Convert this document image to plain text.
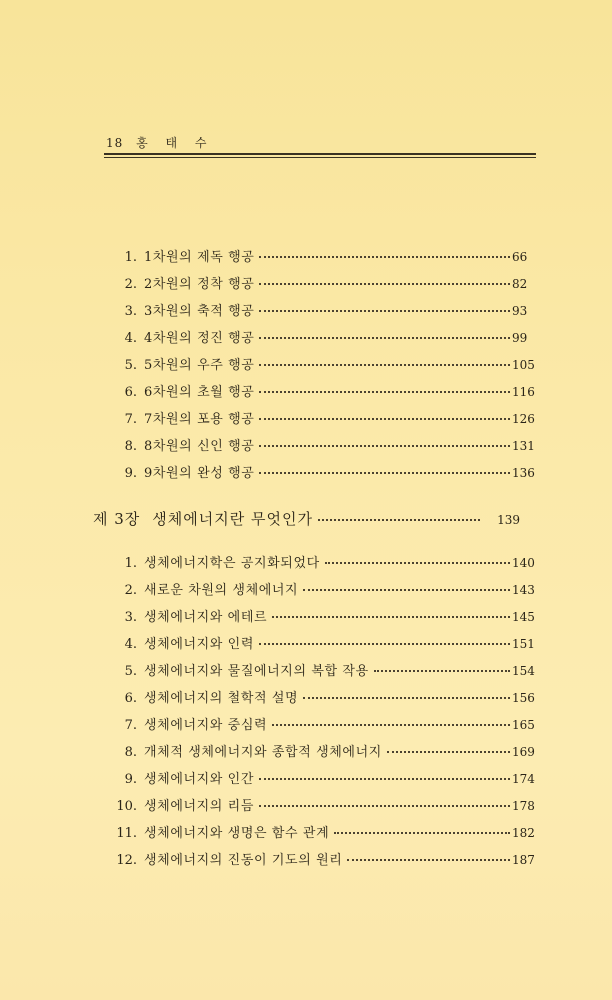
18 홍 태 수
1. 1차원의 제독 행공	66
2. 2차원의 정착 행공	82
3. 3차원의 축적 행공	93
4. 4차원의 정진 행공	99
5. 5차원의 우주 행공	105
6. 6차원의 초월 행공	116
7. 7차원의 포용 행공	126
8. 8차원의 신인 행공	131
9. 9차원의 완성 행공	136
제 3장 생체에너지란 무엇인가	139
1. 생체에너지학은 공지화되었다	140
2. 새로운 차원의 생체에너지	143
3. 생체에너지와 에테르	145
4. 생체에너지와 인력	151
5. 생체에너지와 물질에너지의 복합 작용	154
6. 생체에너지의 철학적 설명	156
7. 생체에너지와 중심력	165
8. 개체적 생체에너지와 종합적 생체에너지	169
9. 생체에너지와 인간	174
10. 생체에너지의 리듬	178
11. 생체에너지와 생명은 함수 관계	182
12. 생체에너지의 진동이 기도의 원리	187
